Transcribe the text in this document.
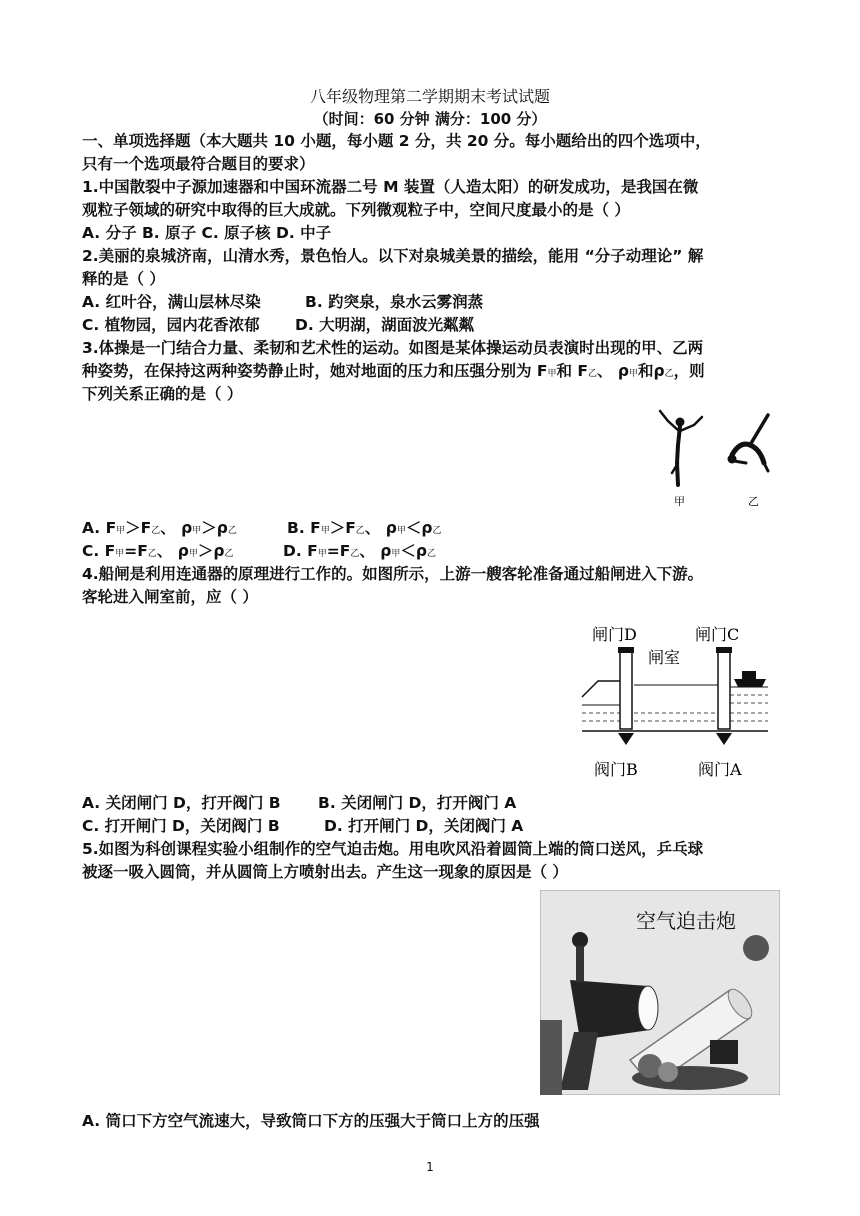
八年级物理第二学期期末考试试题
（时间：60 分钟 满分：100 分）
一、单项选择题（本大题共 10 小题，每小题 2 分，共 20 分。每小题给出的四个选项中，
只有一个选项最符合题目的要求）
1.中国散裂中子源加速器和中国环流器二号 M 装置（人造太阳）的研发成功，是我国在微
观粒子领域的研究中取得的巨大成就。下列微观粒子中，空间尺度最小的是（ ）
A. 分子 B. 原子 C. 原子核 D. 中子
2.美丽的泉城济南，山清水秀，景色怡人。以下对泉城美景的描绘，能用 “分子动理论” 解
释的是（ ）
A. 红叶谷，满山层林尽染	B. 趵突泉，泉水云雾润蒸
C. 植物园，园内花香浓郁 D. 大明湖，湖面波光粼粼
3.体操是一门结合力量、柔韧和艺术性的运动。如图是某体操运动员表演时出现的甲、乙两
种姿势，在保持这两种姿势静止时，她对地面的压力和压强分别为 F甲和 F乙、 ρ甲和ρ乙，则
下列关系正确的是（ ）
甲	乙
A. F甲＞F乙、 ρ甲＞ρ乙	B. F甲＞F乙、 ρ甲＜ρ乙
C. F甲=F乙、 ρ甲＞ρ乙	D. F甲=F乙、 ρ甲＜ρ乙
4.船闸是利用连通器的原理进行工作的。如图所示，上游一艘客轮准备通过船闸进入下游。
客轮进入闸室前，应（ ）
闸门D	闸门C
闸室
阀门B	阀门A
A. 关闭闸门 D，打开阀门 B B. 关闭闸门 D，打开阀门 A
C. 打开闸门 D，关闭阀门 B	D. 打开闸门 D，关闭阀门 A
5.如图为科创课程实验小组制作的空气迫击炮。用电吹风沿着圆筒上端的筒口送风，乒乓球
被逐一吸入圆筒，并从圆筒上方喷射出去。产生这一现象的原因是（ ）
空气迫击炮
A. 筒口下方空气流速大，导致筒口下方的压强大于筒口上方的压强
1
